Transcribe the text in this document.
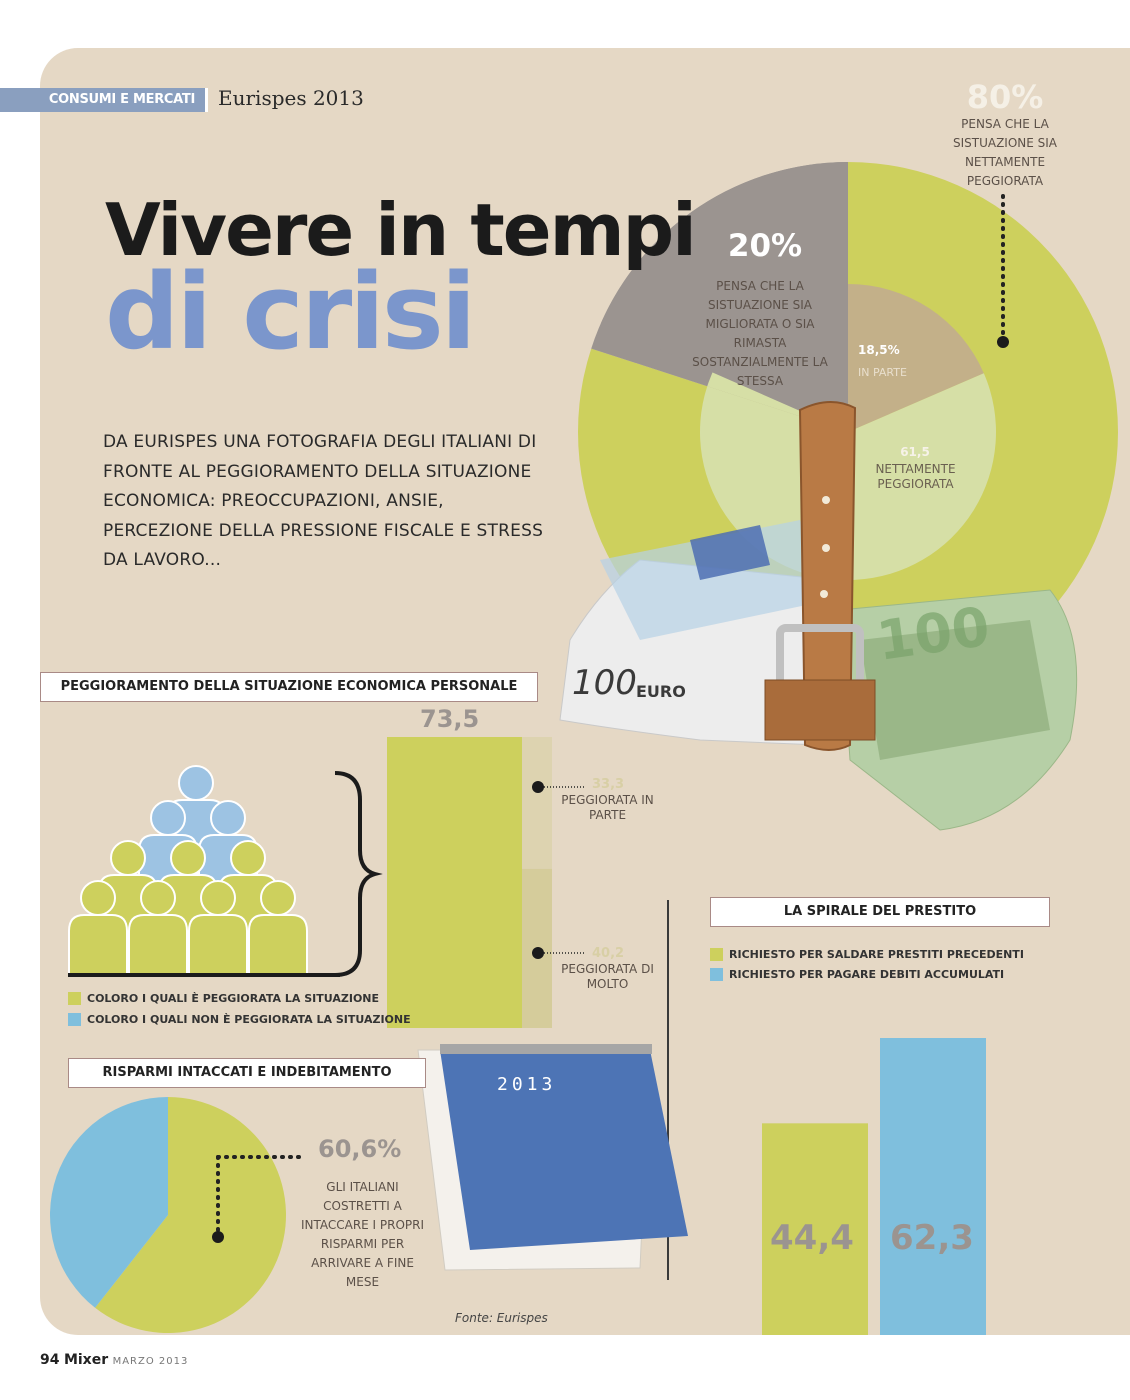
CONSUMI E MERCATI	Eurispes 2013
100
100 EURO
2013
Vivere in tempi
di crisi
DA EURISPES UNA FOTOGRAFIA DEGLI ITALIANI DI FRONTE AL PEGGIORAMENTO DELLA SITUAZIONE ECONOMICA: PREOCCUPAZIONI, ANSIE, PERCEZIONE DELLA PRESSIONE FISCALE E STRESS DA LAVORO...
80%
PENSA CHE LA SISTUAZIONE SIA NETTAMENTE PEGGIORATA
20%
PENSA CHE LA SISTUAZIONE SIA MIGLIORATA O SIA RIMASTA SOSTANZIALMENTE LA STESSA
18,5%
IN PARTE
61,5
NETTAMENTE PEGGIORATA
PEGGIORAMENTO DELLA SITUAZIONE ECONOMICA PERSONALE
RISPARMI INTACCATI E INDEBITAMENTO
LA SPIRALE DEL PRESTITO
73,5
33,3
PEGGIORATA IN PARTE
40,2
PEGGIORATA DI MOLTO
COLORO I QUALI È PEGGIORATA LA SITUAZIONE
COLORO I QUALI NON È PEGGIORATA LA SITUAZIONE
RICHIESTO PER SALDARE PRESTITI PRECEDENTI
RICHIESTO PER PAGARE DEBITI ACCUMULATI
44,4 62,3
60,6%
GLI ITALIANI COSTRETTI A INTACCARE I PROPRI RISPARMI PER ARRIVARE A FINE MESE
Fonte: Eurispes
94 Mixer MARZO 2013
